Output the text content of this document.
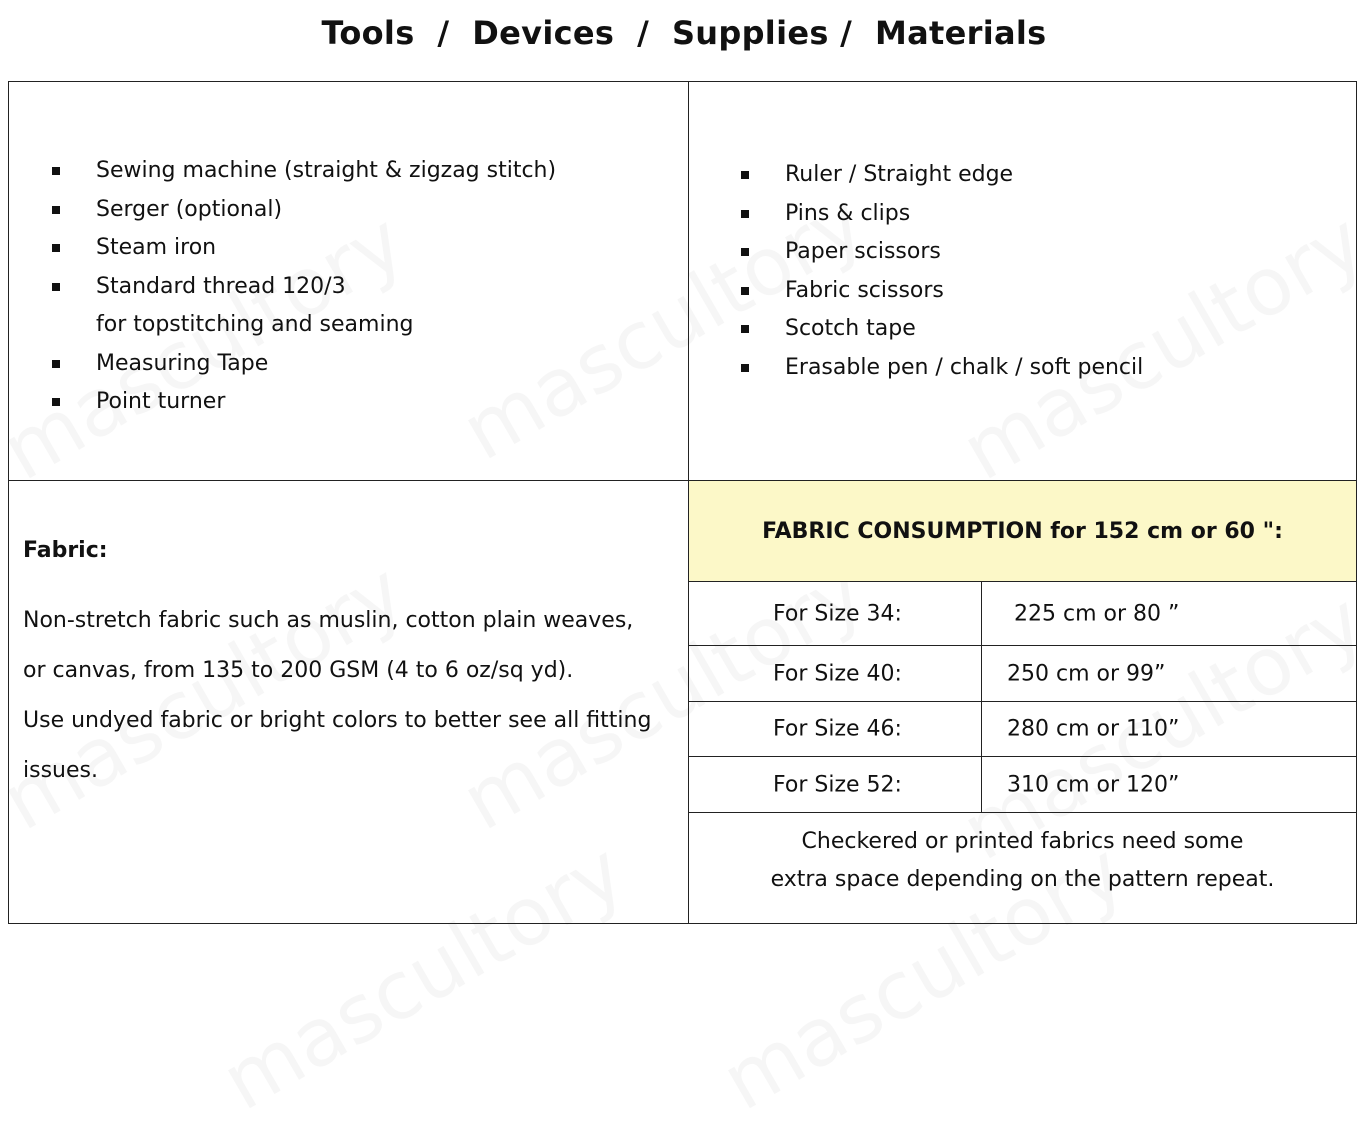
Tools  /  Devices  /  Supplies /  Materials
Sewing machine (straight & zigzag stitch)
Serger (optional)
Steam iron
Standard thread 120/3
for topstitching and seaming
Measuring Tape
Point turner
Ruler / Straight edge
Pins & clips
Paper scissors
Fabric scissors
Scotch tape
Erasable pen / chalk / soft pencil
Fabric:
Non-stretch fabric such as muslin, cotton plain weaves,
or canvas, from 135 to 200 GSM (4 to 6 oz/sq yd).
Use undyed fabric or bright colors to better see all fitting
issues.
FABRIC CONSUMPTION for 152 cm or 60 ":
For Size 34:	225 cm or 80 ”
For Size 40:	250 cm or 99”
For Size 46:	280 cm or 110”
For Size 52:	310 cm or 120”
Checkered or printed fabrics need some
extra space depending on the pattern repeat.
